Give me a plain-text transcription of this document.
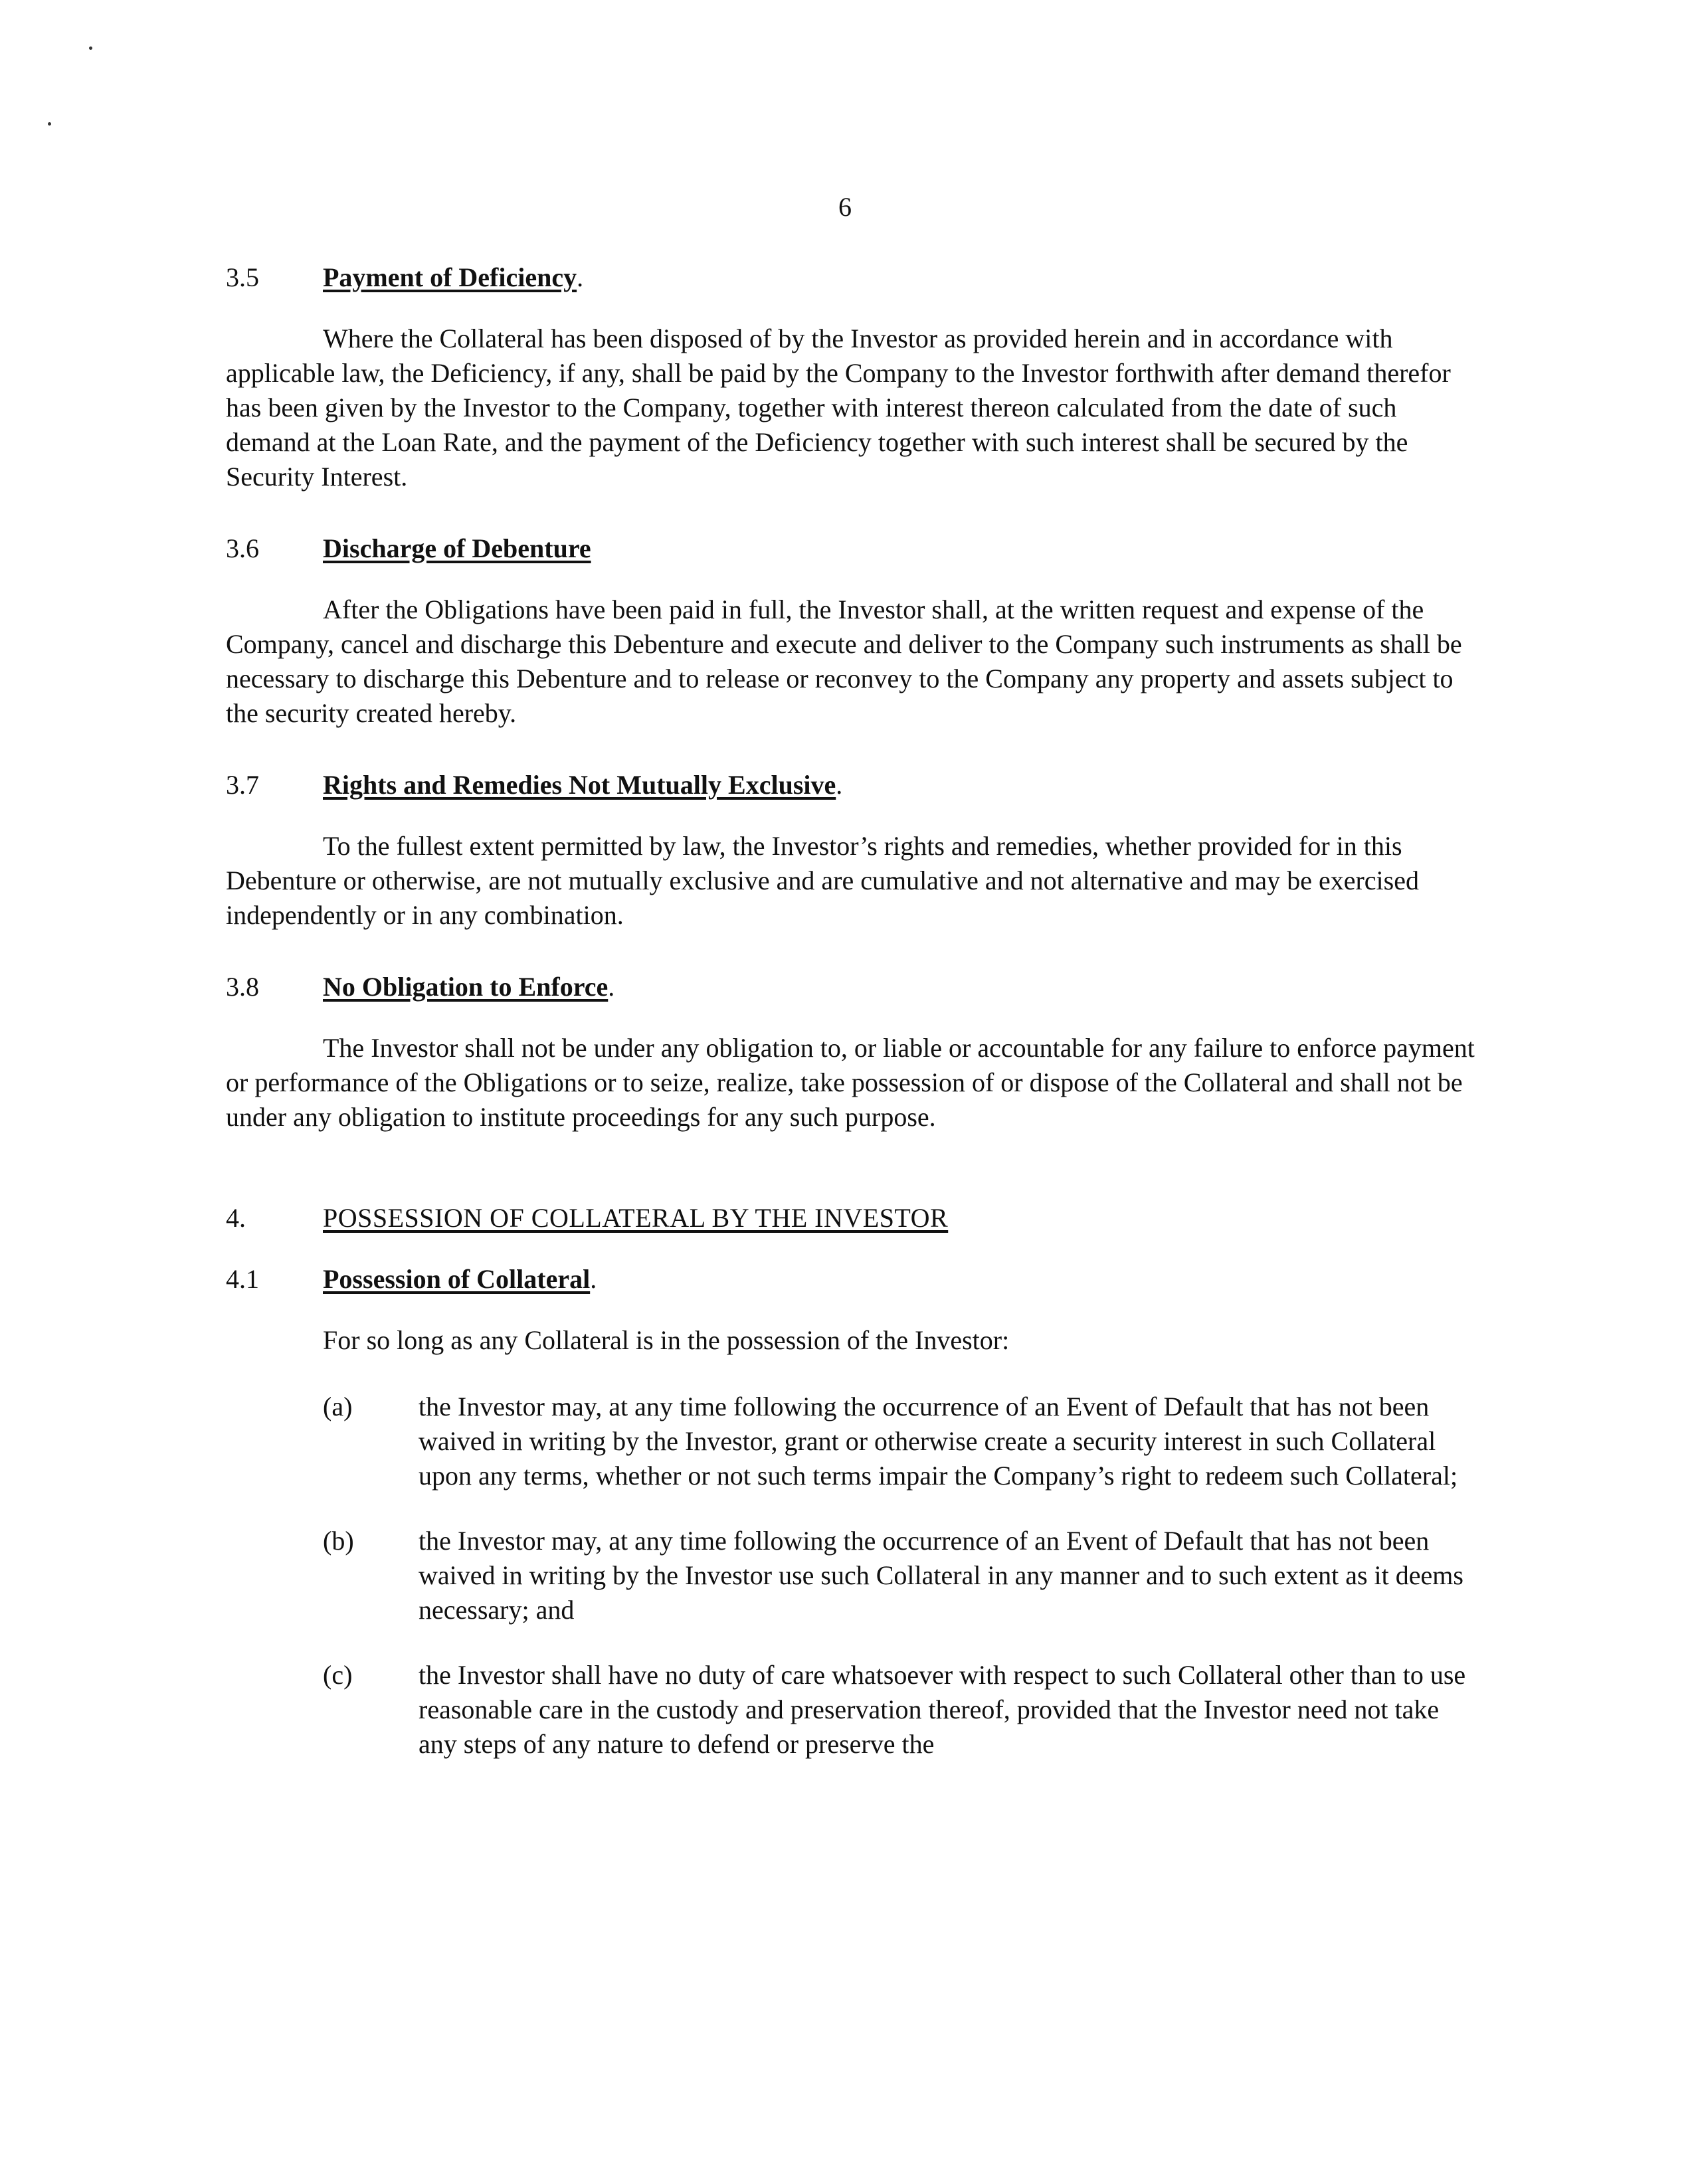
6
3.5	Payment of Deficiency.

Where the Collateral has been disposed of by the Investor as provided herein and in accordance with applicable law, the Deficiency, if any, shall be paid by the Company to the Investor forthwith after demand therefor has been given by the Investor to the Company, together with interest thereon calculated from the date of such demand at the Loan Rate, and the payment of the Deficiency together with such interest shall be secured by the Security Interest.

3.6	Discharge of Debenture

After the Obligations have been paid in full, the Investor shall, at the written request and expense of the Company, cancel and discharge this Debenture and execute and deliver to the Company such instruments as shall be necessary to discharge this Debenture and to release or reconvey to the Company any property and assets subject to the security created hereby.

3.7	Rights and Remedies Not Mutually Exclusive.

To the fullest extent permitted by law, the Investor’s rights and remedies, whether provided for in this Debenture or otherwise, are not mutually exclusive and are cumulative and not alternative and may be exercised independently or in any combination.

3.8	No Obligation to Enforce.

The Investor shall not be under any obligation to, or liable or accountable for any failure to enforce payment or performance of the Obligations or to seize, realize, take possession of or dispose of the Collateral and shall not be under any obligation to institute proceedings for any such purpose.

4.	POSSESSION OF COLLATERAL BY THE INVESTOR
4.1	Possession of Collateral.

For so long as any Collateral is in the possession of the Investor:

(a)	the Investor may, at any time following the occurrence of an Event of Default that has not been waived in writing by the Investor, grant or otherwise create a security interest in such Collateral upon any terms, whether or not such terms impair the Company’s right to redeem such Collateral;
(b)	the Investor may, at any time following the occurrence of an Event of Default that has not been waived in writing by the Investor use such Collateral in any manner and to such extent as it deems necessary; and
(c)	the Investor shall have no duty of care whatsoever with respect to such Collateral other than to use reasonable care in the custody and preservation thereof, provided that the Investor need not take any steps of any nature to defend or preserve the
